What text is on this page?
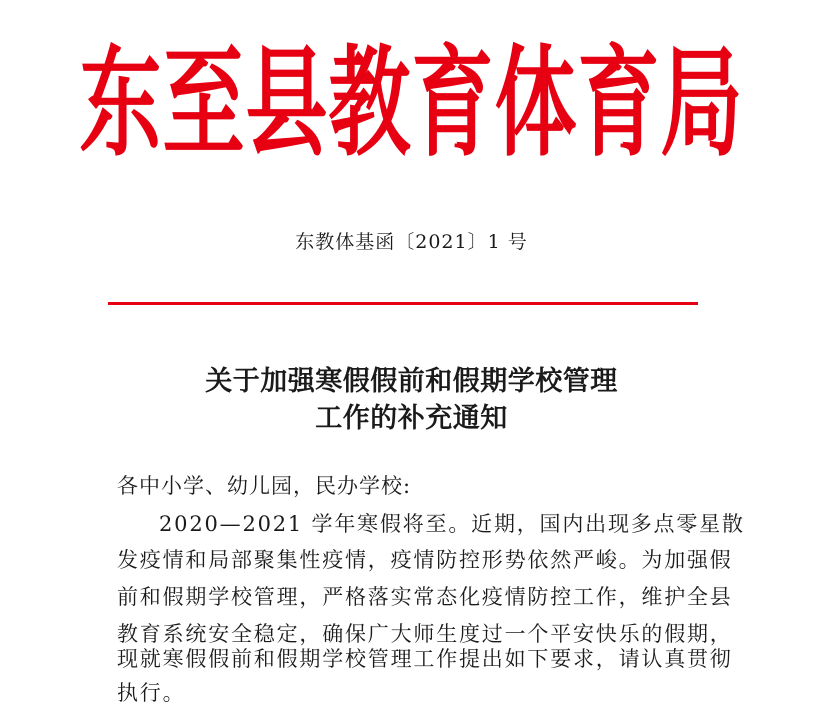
东至县教育体育局
东教体基函〔2021〕1 号
关于加强寒假假前和假期学校管理
工作的补充通知
各中小学、幼儿园，民办学校:
2020—2021 学年寒假将至。近期，国内出现多点零星散
发疫情和局部聚集性疫情，疫情防控形势依然严峻。为加强假
前和假期学校管理，严格落实常态化疫情防控工作，维护全县
教育系统安全稳定，确保广大师生度过一个平安快乐的假期，
现就寒假假前和假期学校管理工作提出如下要求，请认真贯彻
执行。
